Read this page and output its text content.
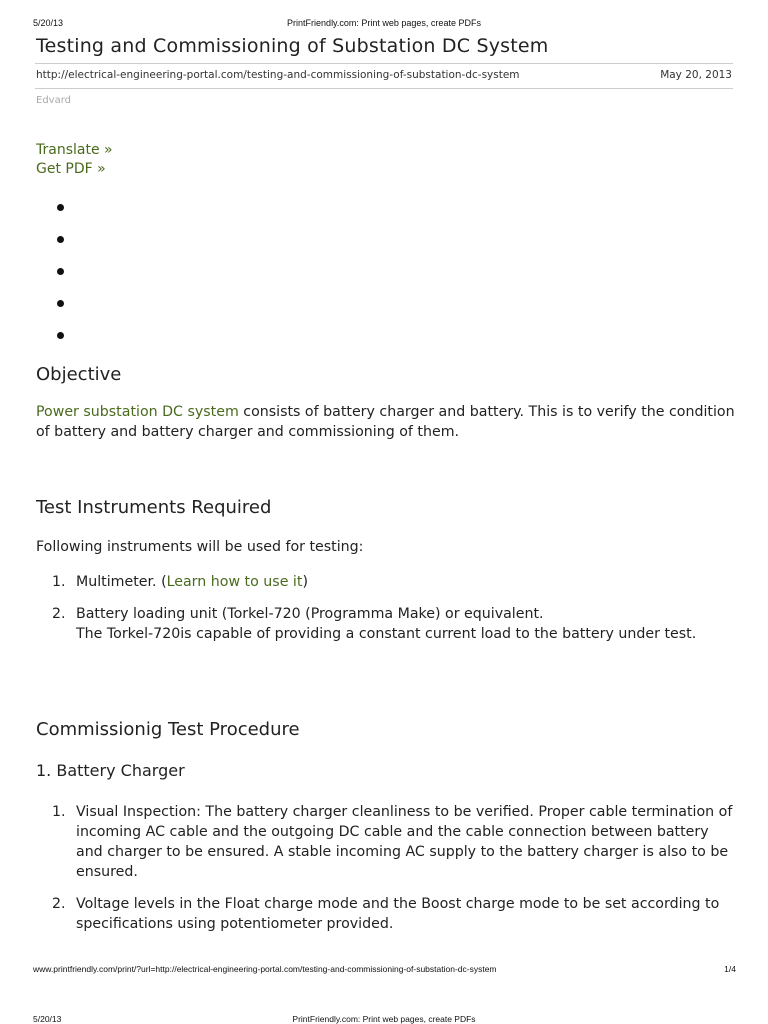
5/20/13	PrintFriendly.com: Print web pages, create PDFs
Testing and Commissioning of Substation DC System
http://electrical-engineering-portal.com/testing-and-commissioning-of-substation-dc-system	May 20, 2013
Edvard
Translate »
Get PDF »
Objective
Power substation DC system consists of battery charger and battery. This is to verify the condition of battery and battery charger and commissioning of them.
Test Instruments Required
Following instruments will be used for testing:
1. Multimeter. (Learn how to use it)
2. Battery loading unit (Torkel-720 (Programma Make) or equivalent.
The Torkel-720is capable of providing a constant current load to the battery under test.
Commissionig Test Procedure
1. Battery Charger
1. Visual Inspection: The battery charger cleanliness to be verified. Proper cable termination of incoming AC cable and the outgoing DC cable and the cable connection between battery and charger to be ensured. A stable incoming AC supply to the battery charger is also to be ensured.
2. Voltage levels in the Float charge mode and the Boost charge mode to be set according to specifications using potentiometer provided.
www.printfriendly.com/print/?url=http://electrical-engineering-portal.com/testing-and-commissioning-of-substation-dc-system	1/4
5/20/13	PrintFriendly.com: Print web pages, create PDFs
